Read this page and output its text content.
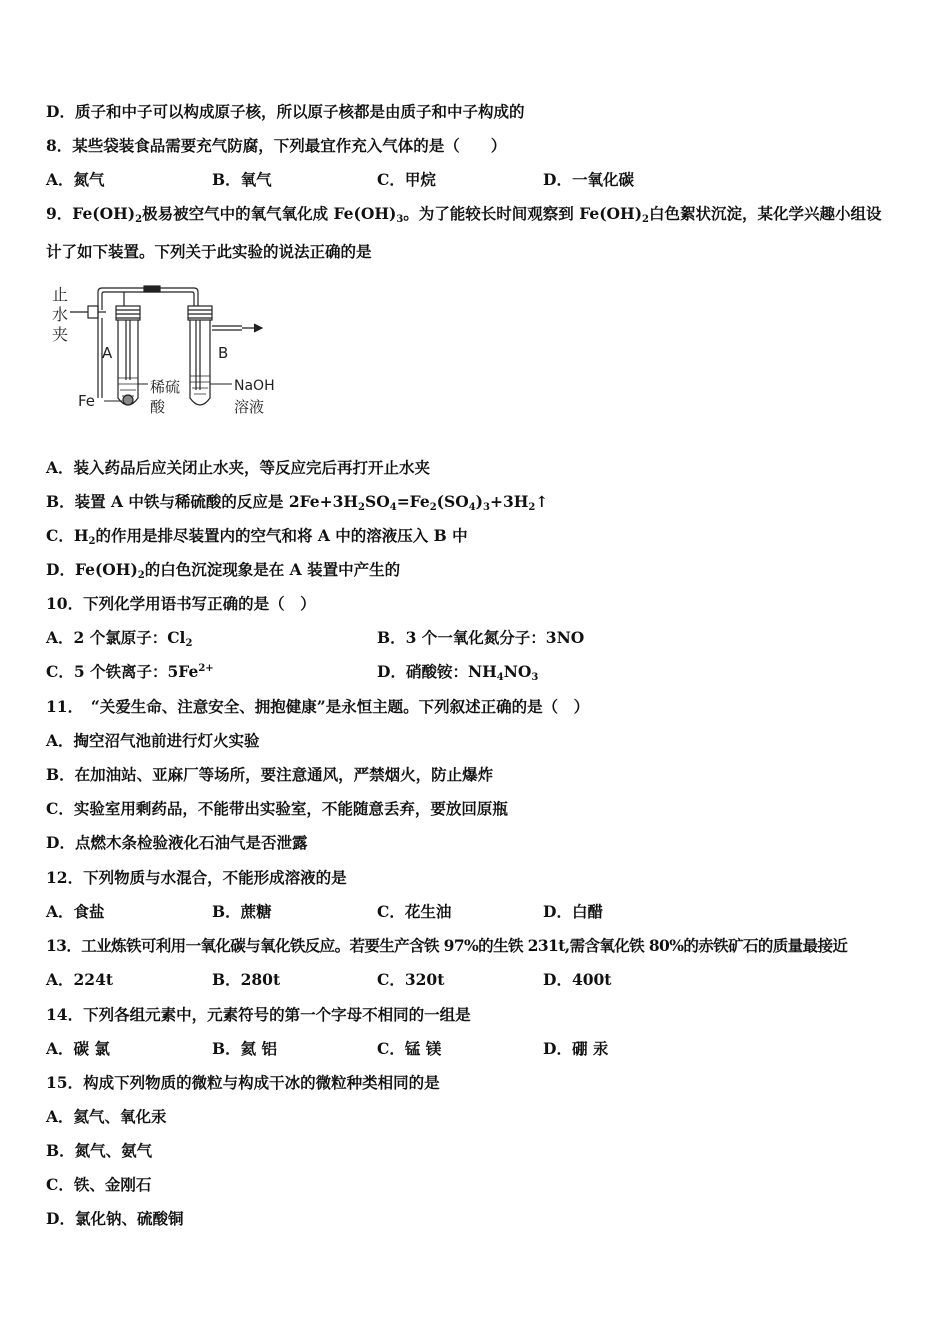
D．质子和中子可以构成原子核，所以原子核都是由质子和中子构成的
8．某些袋装食品需要充气防腐，下列最宜作充入气体的是（　　）
A．氮气	B．氧气	C．甲烷	D．一氧化碳
9．$Fe(OH)_2$极易被空气中的氧气氧化成 $Fe(OH)_3$。为了能较长时间观察到 $Fe(OH)_2$白色絮状沉淀，某化学兴趣小组设
计了如下装置。下列关于此实验的说法正确的是
止
水
夹
A
Fe
稀硫
酸
B
NaOH
溶液
A．装入药品后应关闭止水夹，等反应完后再打开止水夹
B．装置 A 中铁与稀硫酸的反应是 $2Fe+3H_2SO_4=Fe_2(SO_4)_3+3H_2↑$
C．$H_2$的作用是排尽装置内的空气和将 A 中的溶液压入 B 中
D．$Fe(OH)_2$的白色沉淀现象是在 A 装置中产生的
10．下列化学用语书写正确的是（　）
A．2 个氯原子：$Cl_2$	B．3 个一氧化氮分子：3NO
C．5 个铁离子：$5Fe^{2+}$	D．硝酸铵：$NH_4NO_3$
11．　“关爱生命、注意安全、拥抱健康”是永恒主题。下列叙述正确的是（　）
A．掏空沼气池前进行灯火实验
B．在加油站、亚麻厂等场所，要注意通风，严禁烟火，防止爆炸
C．实验室用剩药品，不能带出实验室，不能随意丢弃，要放回原瓶
D．点燃木条检验液化石油气是否泄露
12．下列物质与水混合，不能形成溶液的是
A．食盐	B．蔗糖	C．花生油	D．白醋
13．工业炼铁可利用一氧化碳与氧化铁反应。若要生产含铁 97%的生铁 231t,需含氧化铁 80%的赤铁矿石的质量最接近
A．224t	B．280t	C．320t	D．400t
14．下列各组元素中，元素符号的第一个字母不相同的一组是
A．碳 氯	B．氦 铝	C．锰 镁	D．硼 汞
15．构成下列物质的微粒与构成干冰的微粒种类相同的是
A．氦气、氧化汞
B．氮气、氨气
C．铁、金刚石
D．氯化钠、硫酸铜
